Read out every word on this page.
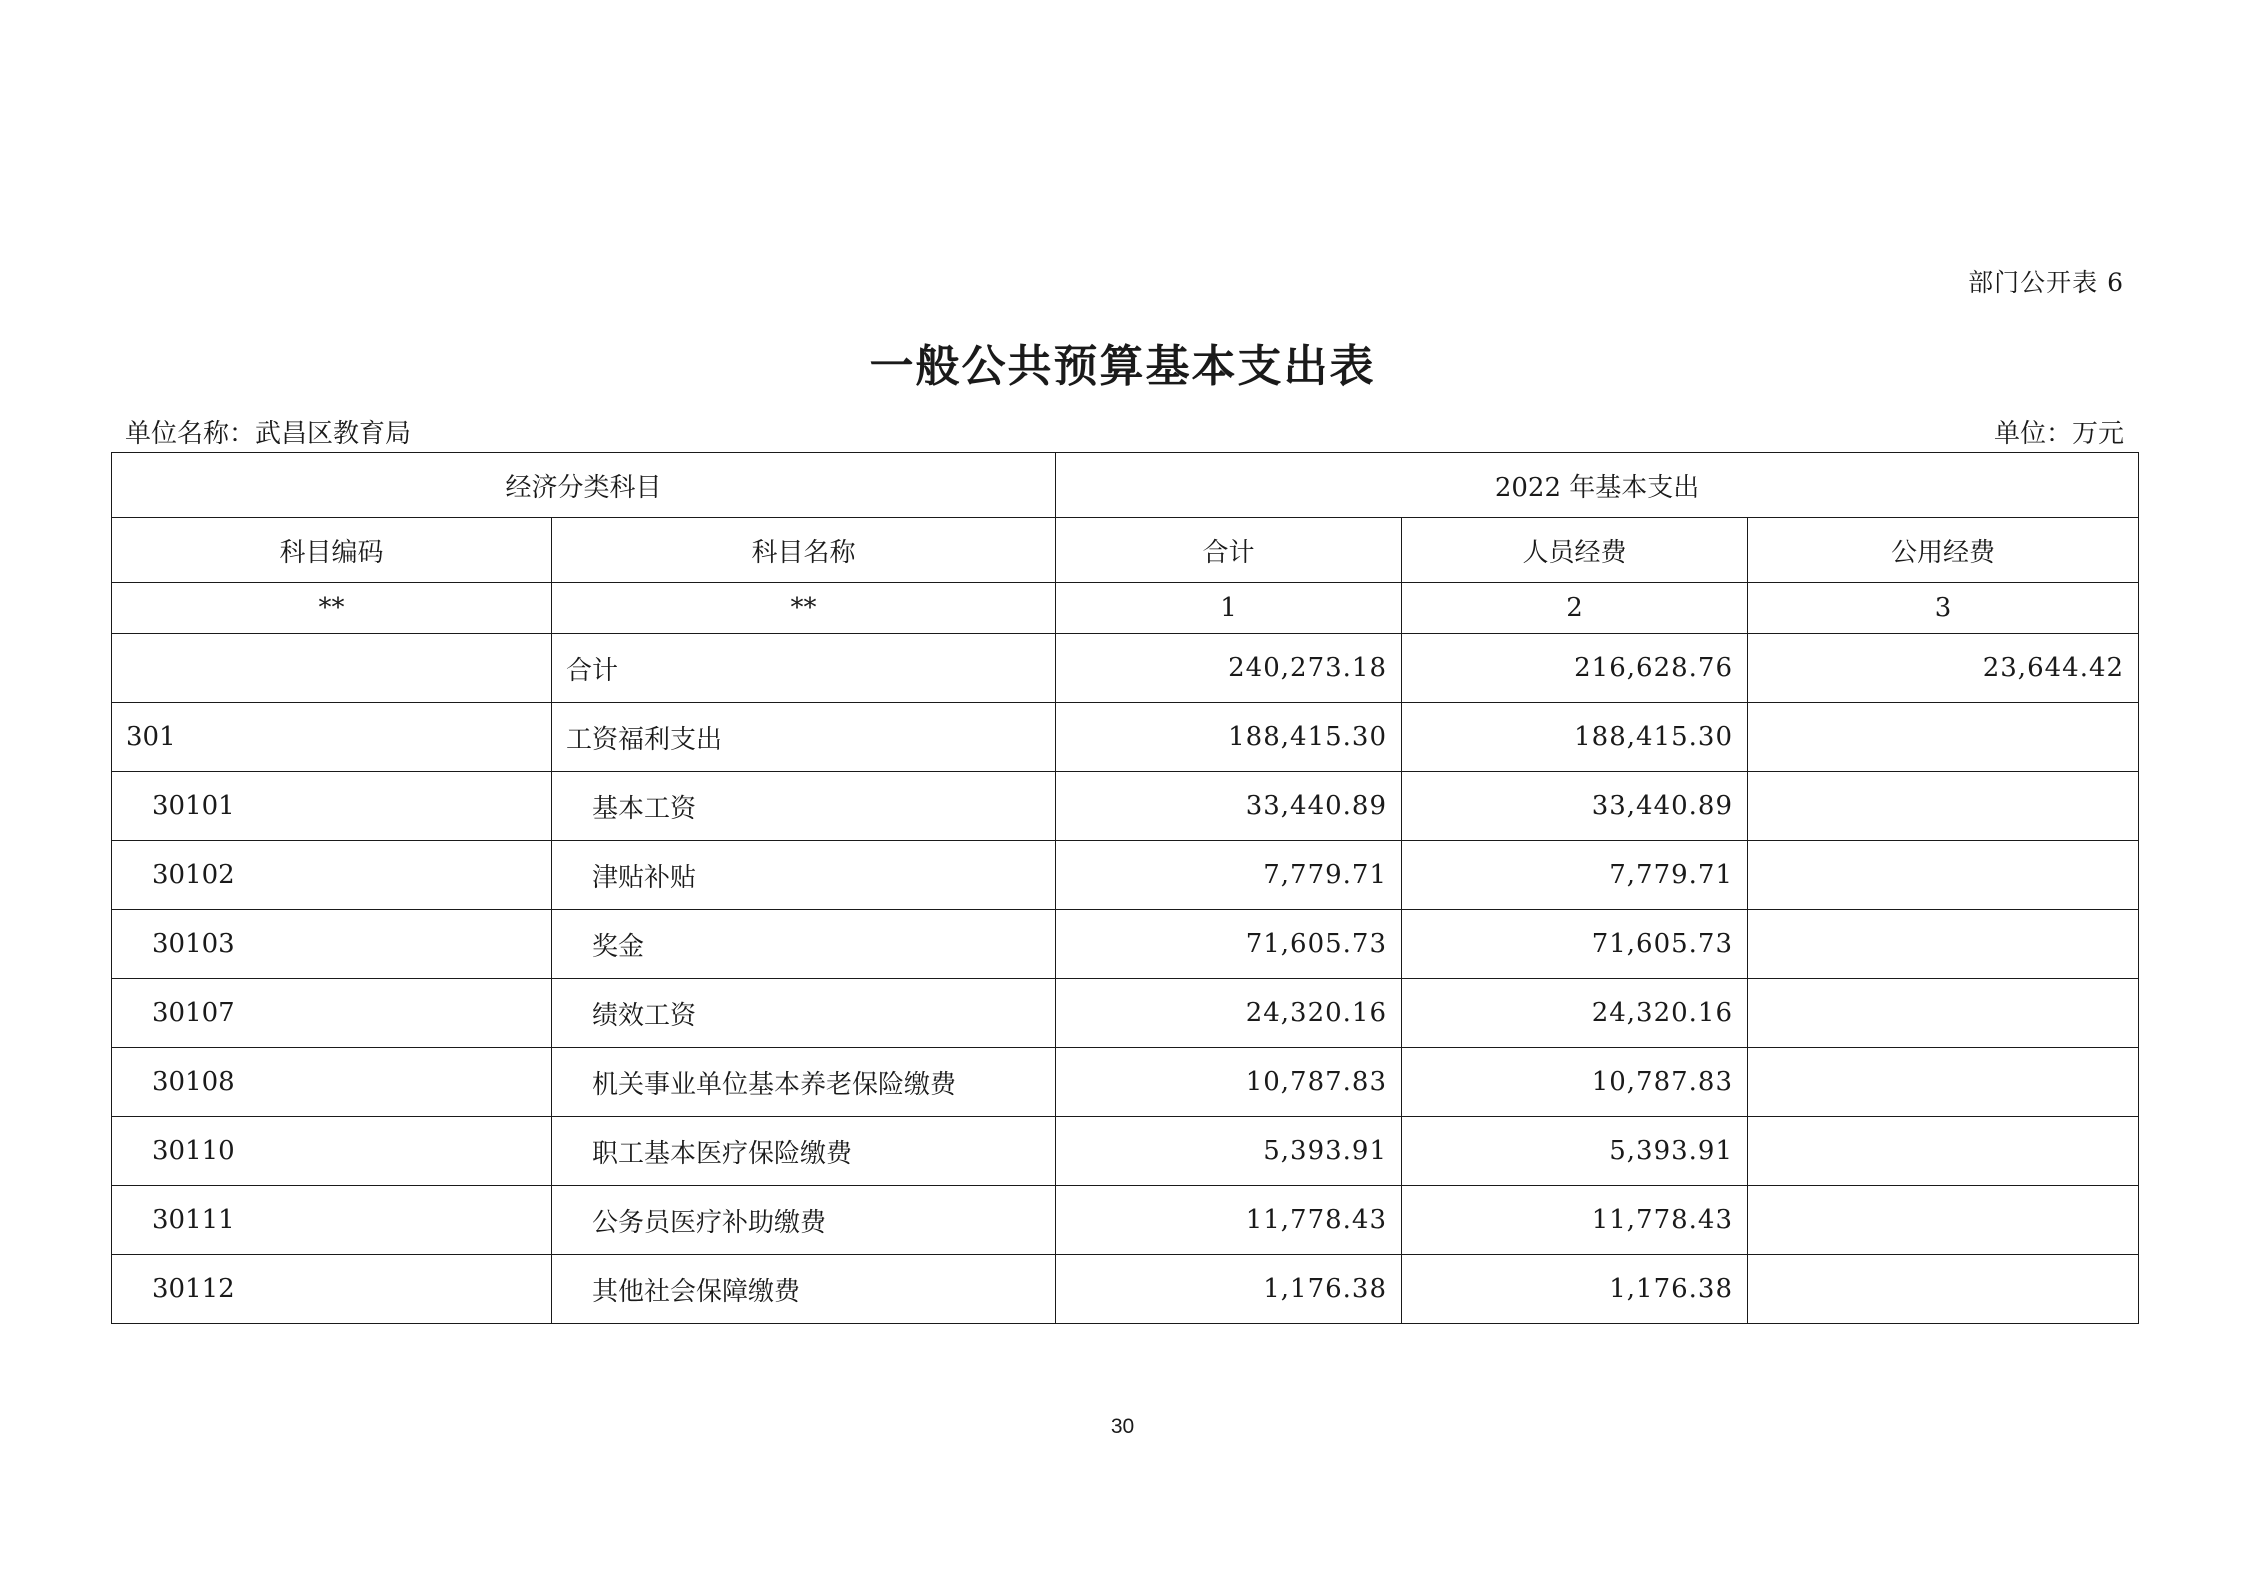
部门公开表 6
一般公共预算基本支出表
单位名称：武昌区教育局	单位：万元
经济分类科目		2022 年基本支出		
科目编码	科目名称	合计	人员经费	公用经费
**	**	1	2	3
	合计	240,273.18	216,628.76	23,644.42
301	工资福利支出	188,415.30	188,415.30	
30101	基本工资	33,440.89	33,440.89	
30102	津贴补贴	7,779.71	7,779.71	
30103	奖金	71,605.73	71,605.73	
30107	绩效工资	24,320.16	24,320.16	
30108	机关事业单位基本养老保险缴费	10,787.83	10,787.83	
30110	职工基本医疗保险缴费	5,393.91	5,393.91	
30111	公务员医疗补助缴费	11,778.43	11,778.43	
30112	其他社会保障缴费	1,176.38	1,176.38	
30
